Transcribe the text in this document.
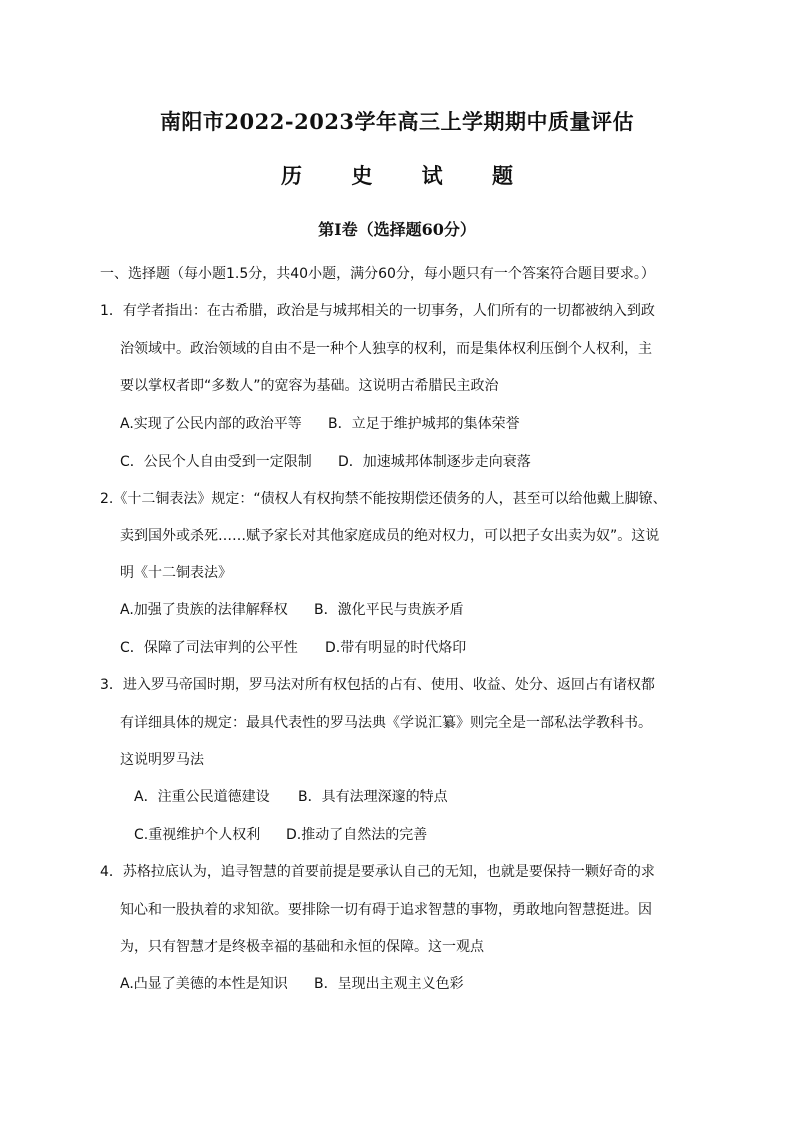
南阳市2022-2023学年高三上学期期中质量评估
历 史 试 题
第Ⅰ卷（选择题60分）
一、选择题（每小题1.5分，共40小题，满分60分，每小题只有一个答案符合题目要求。）
1．有学者指出：在古希腊，政治是与城邦相关的一切事务，人们所有的一切都被纳入到政
治领域中。政治领域的自由不是一种个人独享的权利，而是集体权利压倒个人权利，主
要以掌权者即“多数人”的宽容为基础。这说明古希腊民主政治
A.实现了公民内部的政治平等 B．立足于维护城邦的集体荣誉
C．公民个人自由受到一定限制 D．加速城邦体制逐步走向衰落
2.《十二铜表法》规定：“债权人有权拘禁不能按期偿还债务的人，甚至可以给他戴上脚镣、
卖到国外或杀死……赋予家长对其他家庭成员的绝对权力，可以把子女出卖为奴”。这说
明《十二铜表法》
A.加强了贵族的法律解释权 B．激化平民与贵族矛盾
C．保障了司法审判的公平性 D.带有明显的时代烙印
3．进入罗马帝国时期，罗马法对所有权包括的占有、使用、收益、处分、返回占有诸权都
有详细具体的规定：最具代表性的罗马法典《学说汇纂》则完全是一部私法学教科书。
这说明罗马法
A．注重公民道德建设 B．具有法理深邃的特点
C.重视维护个人权利 D.推动了自然法的完善
4．苏格拉底认为，追寻智慧的首要前提是要承认自己的无知，也就是要保持一颗好奇的求
知心和一股执着的求知欲。要排除一切有碍于追求智慧的事物，勇敢地向智慧挺进。因
为，只有智慧才是终极幸福的基础和永恒的保障。这一观点
A.凸显了美德的本性是知识 B．呈现出主观主义色彩
